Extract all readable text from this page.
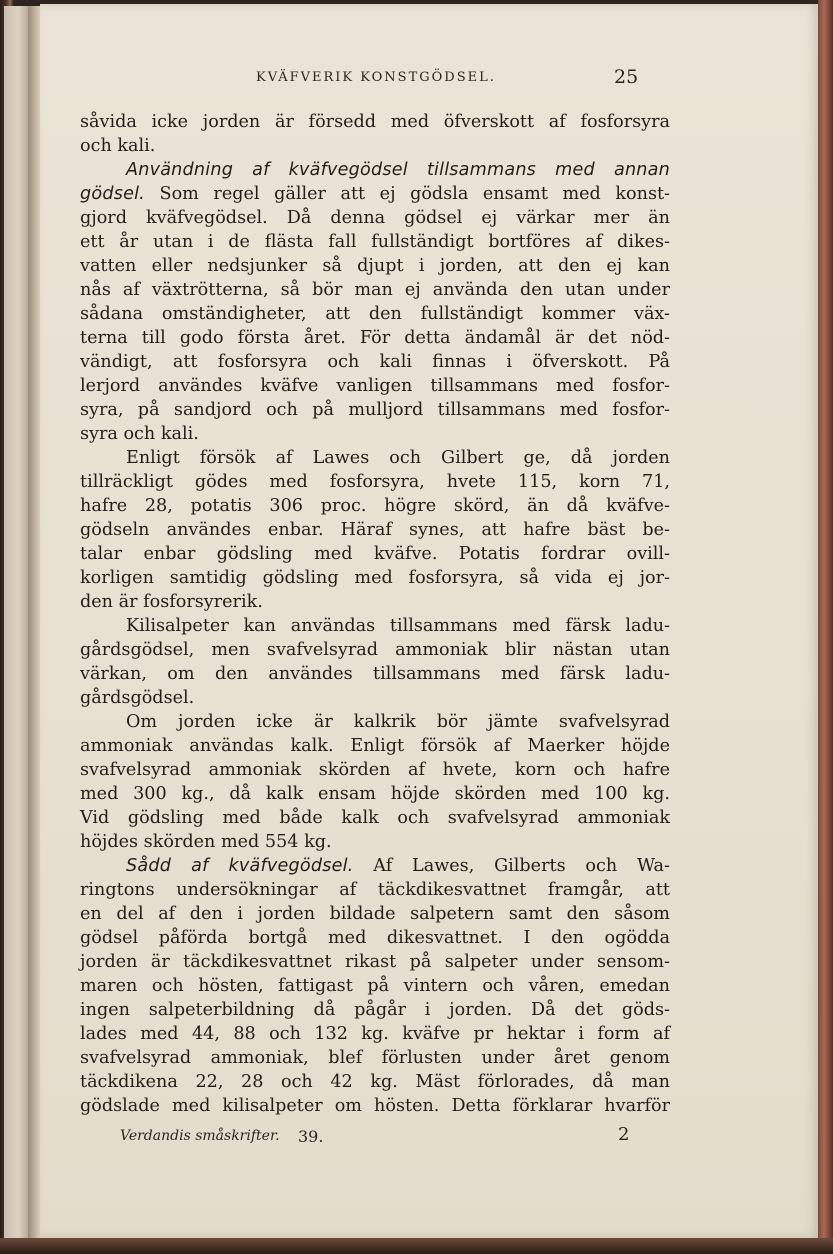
KVÄFVERIK KONSTGÖDSEL.	25
såvida icke jorden är försedd med öfverskott af fosforsyra
och kali.
Användning af kväfvegödsel tillsammans med annan
gödsel. Som regel gäller att ej gödsla ensamt med konst-
gjord kväfvegödsel. Då denna gödsel ej värkar mer än
ett år utan i de flästa fall fullständigt bortföres af dikes-
vatten eller nedsjunker så djupt i jorden, att den ej kan
nås af växtrötterna, så bör man ej använda den utan under
sådana omständigheter, att den fullständigt kommer väx-
terna till godo första året. För detta ändamål är det nöd-
vändigt, att fosforsyra och kali finnas i öfverskott. På
lerjord användes kväfve vanligen tillsammans med fosfor-
syra, på sandjord och på mulljord tillsammans med fosfor-
syra och kali.
Enligt försök af Lawes och Gilbert ge, då jorden
tillräckligt gödes med fosforsyra, hvete 115, korn 71,
hafre 28, potatis 306 proc. högre skörd, än då kväfve-
gödseln användes enbar. Häraf synes, att hafre bäst be-
talar enbar gödsling med kväfve. Potatis fordrar ovill-
korligen samtidig gödsling med fosforsyra, så vida ej jor-
den är fosforsyrerik.
Kilisalpeter kan användas tillsammans med färsk ladu-
gårdsgödsel, men svafvelsyrad ammoniak blir nästan utan
värkan, om den användes tillsammans med färsk ladu-
gårdsgödsel.
Om jorden icke är kalkrik bör jämte svafvelsyrad
ammoniak användas kalk. Enligt försök af Maerker höjde
svafvelsyrad ammoniak skörden af hvete, korn och hafre
med 300 kg., då kalk ensam höjde skörden med 100 kg.
Vid gödsling med både kalk och svafvelsyrad ammoniak
höjdes skörden med 554 kg.
Sådd af kväfvegödsel. Af Lawes, Gilberts och Wa-
ringtons undersökningar af täckdikesvattnet framgår, att
en del af den i jorden bildade salpetern samt den såsom
gödsel påförda bortgå med dikesvattnet. I den ogödda
jorden är täckdikesvattnet rikast på salpeter under sensom-
maren och hösten, fattigast på vintern och våren, emedan
ingen salpeterbildning då pågår i jorden. Då det göds-
lades med 44, 88 och 132 kg. kväfve pr hektar i form af
svafvelsyrad ammoniak, blef förlusten under året genom
täckdikena 22, 28 och 42 kg. Mäst förlorades, då man
gödslade med kilisalpeter om hösten. Detta förklarar hvarför
Verdandis småskrifter. 39.	2
